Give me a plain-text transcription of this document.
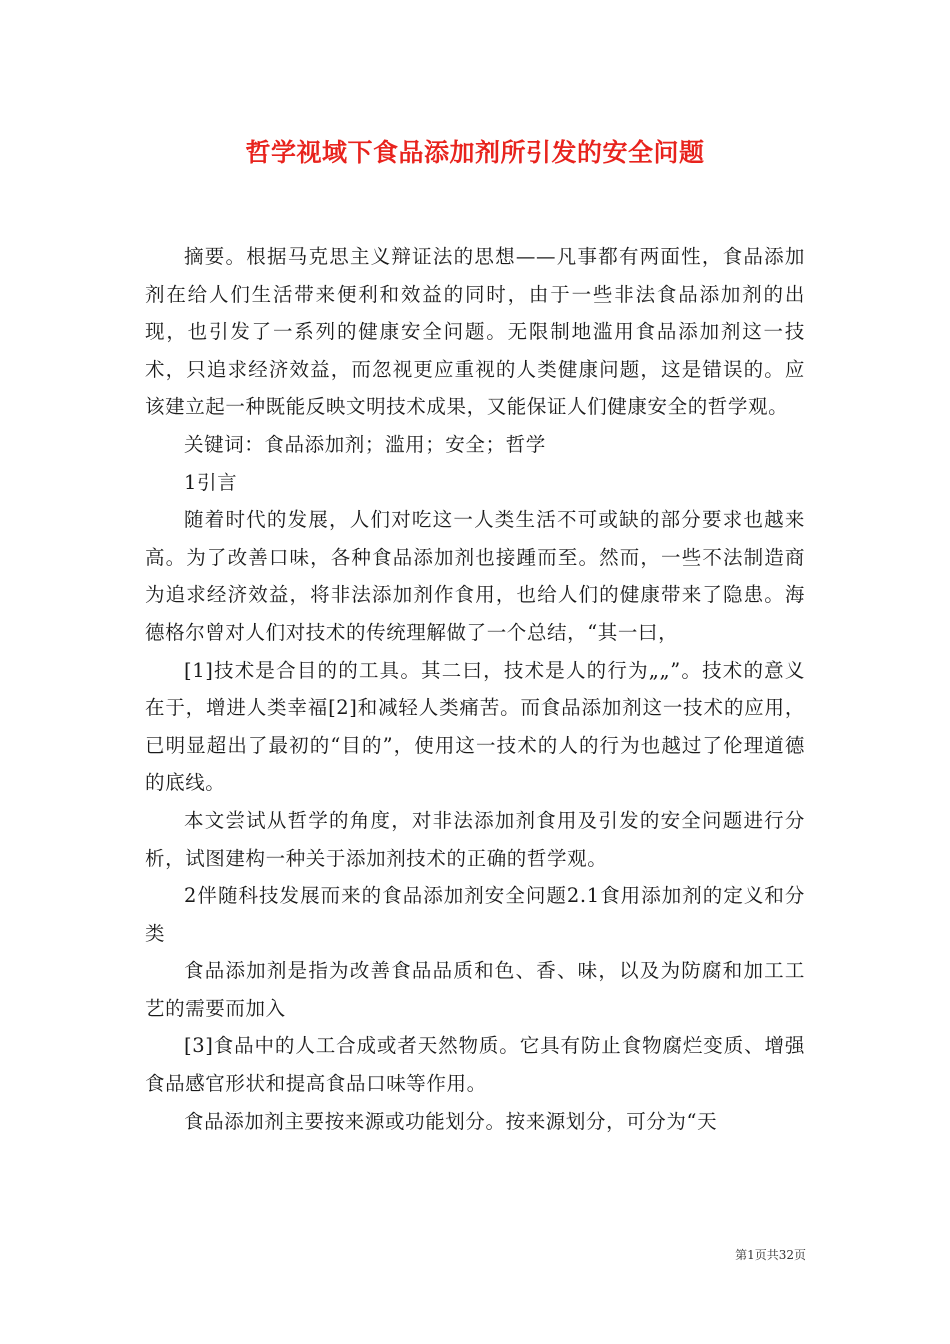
哲学视域下食品添加剂所引发的安全问题

摘要。根据马克思主义辩证法的思想——凡事都有两面性，食品添加剂在给人们生活带来便利和效益的同时，由于一些非法食品添加剂的出现，也引发了一系列的健康安全问题。无限制地滥用食品添加剂这一技术，只追求经济效益，而忽视更应重视的人类健康问题，这是错误的。应该建立起一种既能反映文明技术成果，又能保证人们健康安全的哲学观。

关键词：食品添加剂；滥用；安全；哲学

1引言

随着时代的发展，人们对吃这一人类生活不可或缺的部分要求也越来高。为了改善口味，各种食品添加剂也接踵而至。然而，一些不法制造商为追求经济效益，将非法添加剂作食用，也给人们的健康带来了隐患。海德格尔曾对人们对技术的传统理解做了一个总结，“其一曰，

[1]技术是合目的的工具。其二曰，技术是人的行为„„”。技术的意义在于，增进人类幸福[2]和减轻人类痛苦。而食品添加剂这一技术的应用，已明显超出了最初的“目的”，使用这一技术的人的行为也越过了伦理道德的底线。

本文尝试从哲学的角度，对非法添加剂食用及引发的安全问题进行分析，试图建构一种关于添加剂技术的正确的哲学观。

2伴随科技发展而来的食品添加剂安全问题2.1食用添加剂的定义和分类

食品添加剂是指为改善食品品质和色、香、味，以及为防腐和加工工艺的需要而加入

[3]食品中的人工合成或者天然物质。它具有防止食物腐烂变质、增强食品感官形状和提高食品口味等作用。

食品添加剂主要按来源或功能划分。按来源划分，可分为“天

第1页共32页
